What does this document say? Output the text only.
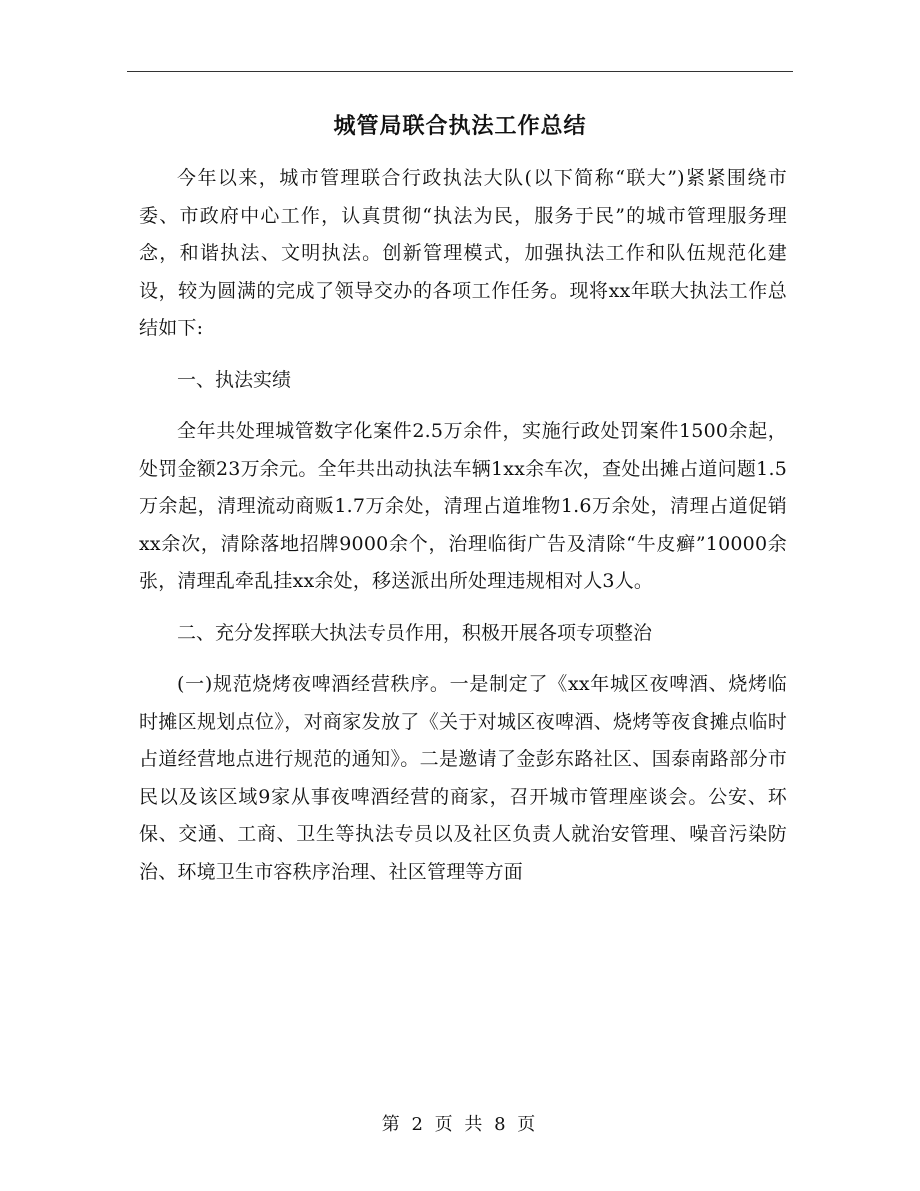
城管局联合执法工作总结

今年以来，城市管理联合行政执法大队(以下简称“联大”)紧紧围绕市委、市政府中心工作，认真贯彻“执法为民，服务于民”的城市管理服务理念，和谐执法、文明执法。创新管理模式，加强执法工作和队伍规范化建设，较为圆满的完成了领导交办的各项工作任务。现将xx年联大执法工作总结如下:

一、执法实绩

全年共处理城管数字化案件2.5万余件，实施行政处罚案件1500余起，处罚金额23万余元。全年共出动执法车辆1xx余车次，查处出摊占道问题1.5万余起，清理流动商贩1.7万余处，清理占道堆物1.6万余处，清理占道促销xx余次，清除落地招牌9000余个，治理临街广告及清除“牛皮癣”10000余张，清理乱牵乱挂xx余处，移送派出所处理违规相对人3人。

二、充分发挥联大执法专员作用，积极开展各项专项整治

(一)规范烧烤夜啤酒经营秩序。一是制定了《xx年城区夜啤酒、烧烤临时摊区规划点位》，对商家发放了《关于对城区夜啤酒、烧烤等夜食摊点临时占道经营地点进行规范的通知》。二是邀请了金彭东路社区、国泰南路部分市民以及该区域9家从事夜啤酒经营的商家，召开城市管理座谈会。公安、环保、交通、工商、卫生等执法专员以及社区负责人就治安管理、噪音污染防治、环境卫生市容秩序治理、社区管理等方面

第 2 页 共 8 页
